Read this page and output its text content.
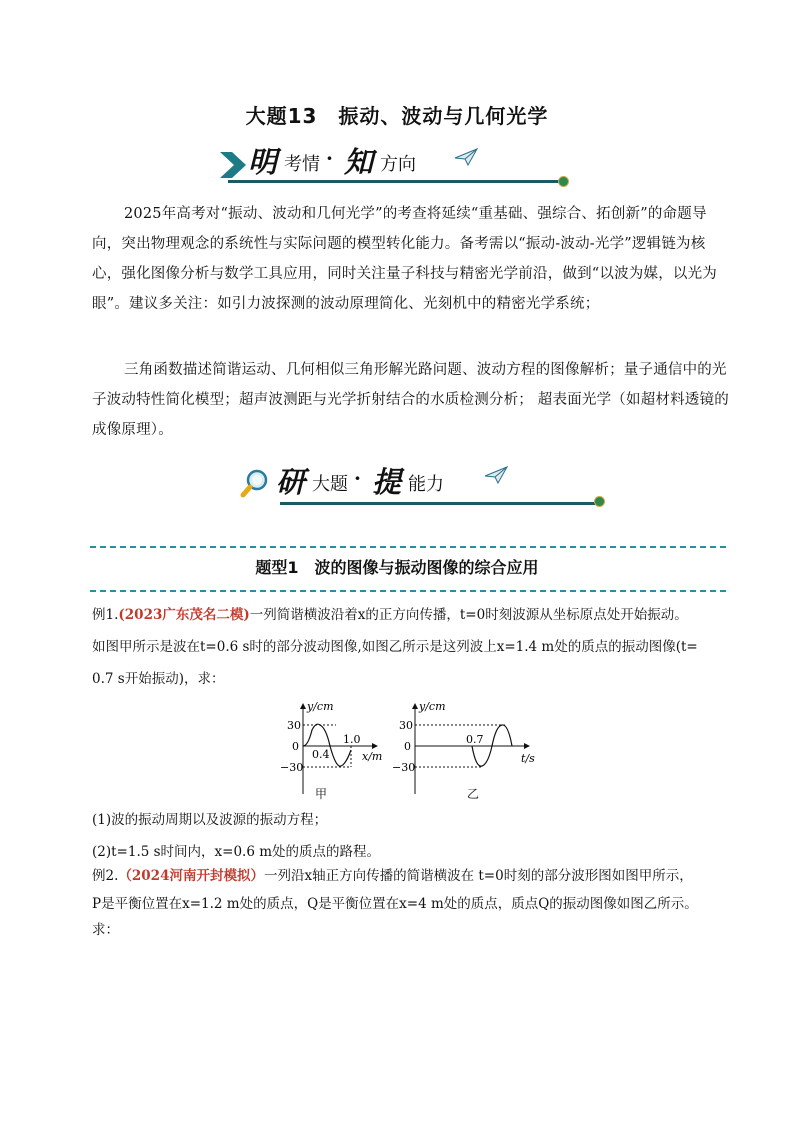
大题13　振动、波动与几何光学
明 考情 · 知 方向
2025年高考对“振动、波动和几何光学”的考查将延续“重基础、强综合、拓创新”的命题导向，突出物理观念的系统性与实际问题的模型转化能力。备考需以“振动-波动-光学”逻辑链为核心，强化图像分析与数学工具应用，同时关注量子科技与精密光学前沿，做到“以波为媒，以光为眼”。建议多关注：如引力波探测的波动原理简化、光刻机中的精密光学系统；
三角函数描述简谐运动、几何相似三角形解光路问题、波动方程的图像解析；量子通信中的光子波动特性简化模型；超声波测距与光学折射结合的水质检测分析； 超表面光学（如超材料透镜的成像原理）。
研 大题 · 提 能力
题型1　波的图像与振动图像的综合应用
例1.(2023广东茂名二模)一列简谐横波沿着x的正方向传播，t=0时刻波源从坐标原点处开始振动。
如图甲所示是波在t=0.6 s时的部分波动图像,如图乙所示是这列波上x=1.4 m处的质点的振动图像(t=
0.7 s开始振动)，求：
30
0
−30
y/cm
x/m
0.4
1.0
30
0
−30
y/cm
t/s
0.7
甲	乙
(1)波的振动周期以及波源的振动方程；
(2)t=1.5 s时间内，x=0.6 m处的质点的路程。
例2.（2024河南开封模拟）一列沿x轴正方向传播的简谐横波在 t=0时刻的部分波形图如图甲所示，
P是平衡位置在x=1.2 m处的质点，Q是平衡位置在x=4 m处的质点，质点Q的振动图像如图乙所示。
求：
